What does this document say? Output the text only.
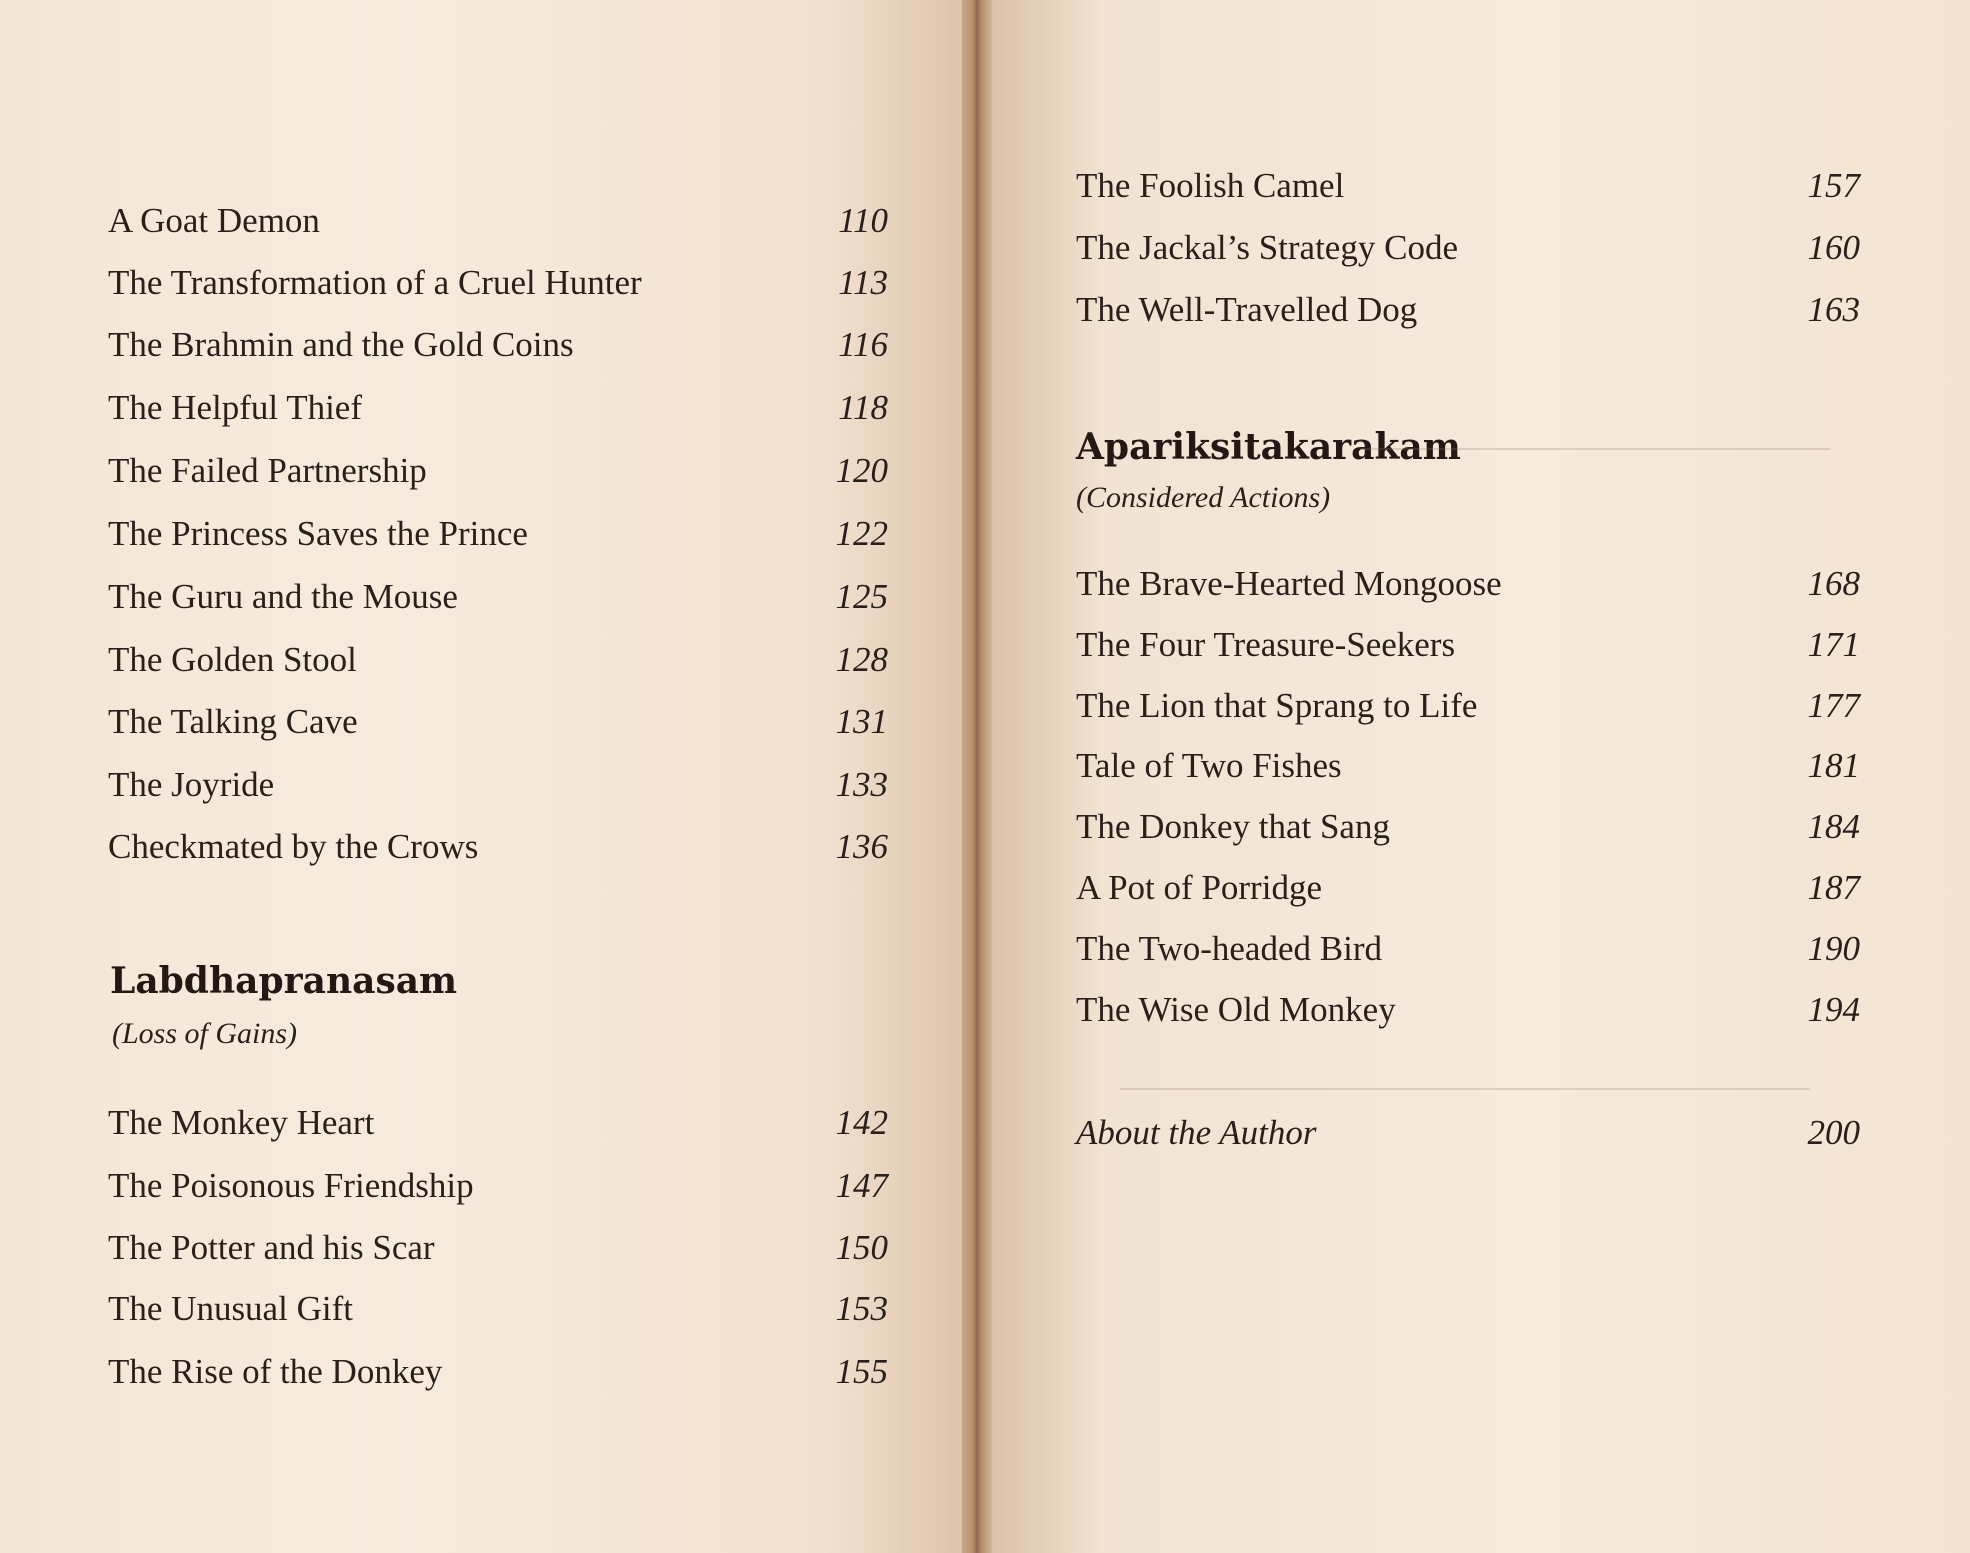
A Goat Demon	110
The Transformation of a Cruel Hunter	113
The Brahmin and the Gold Coins	116
The Helpful Thief	118
The Failed Partnership	120
The Princess Saves the Prince	122
The Guru and the Mouse	125
The Golden Stool	128
The Talking Cave	131
The Joyride	133
Checkmated by the Crows	136
Labdhapranasam
(Loss of Gains)
The Monkey Heart	142
The Poisonous Friendship	147
The Potter and his Scar	150
The Unusual Gift	153
The Rise of the Donkey	155
The Foolish Camel	157
The Jackal’s Strategy Code	160
The Well-Travelled Dog	163
Apariksitakarakam
(Considered Actions)
The Brave-Hearted Mongoose	168
The Four Treasure-Seekers	171
The Lion that Sprang to Life	177
Tale of Two Fishes	181
The Donkey that Sang	184
A Pot of Porridge	187
The Two-headed Bird	190
The Wise Old Monkey	194
About the Author	200
